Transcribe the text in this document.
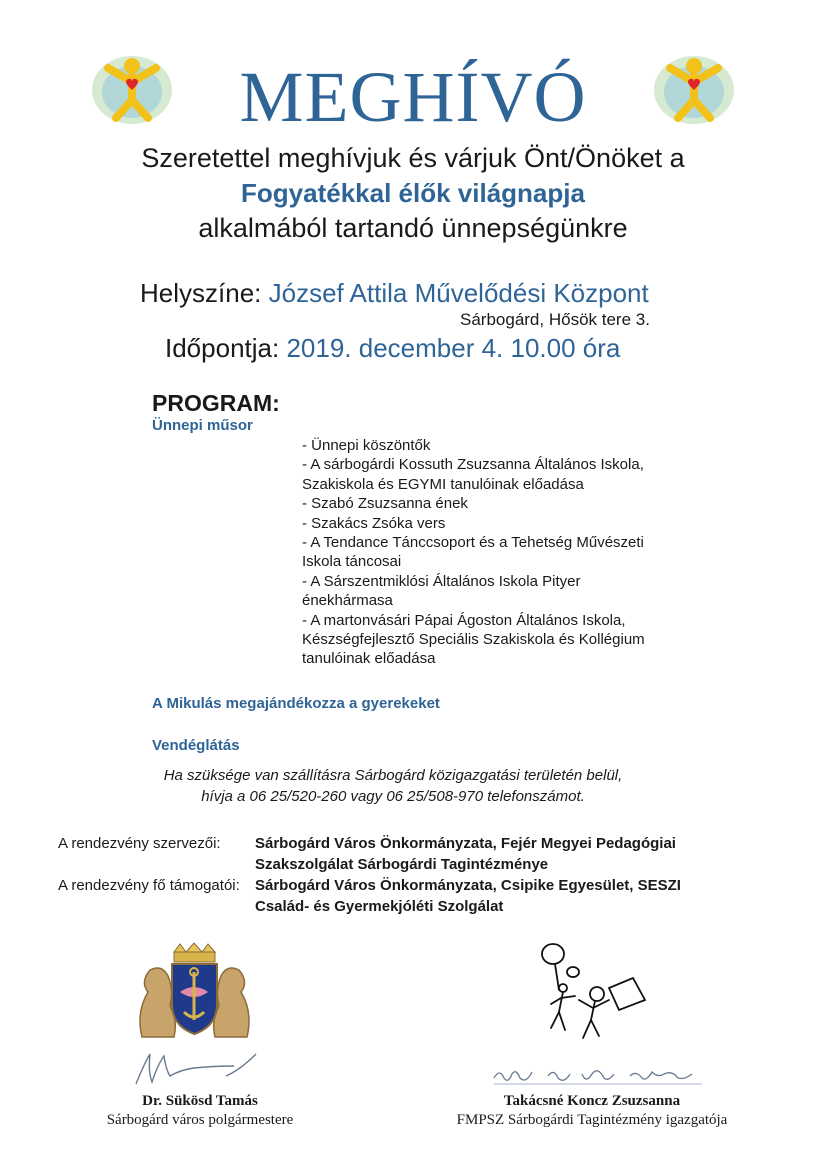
MEGHÍVÓ
Szeretettel meghívjuk és várjuk Önt/Önöket a
Fogyatékkal élők világnapja
alkalmából tartandó ünnepségünkre
Helyszíne: József Attila Művelődési Központ
Sárbogárd, Hősök tere 3.
Időpontja: 2019. december 4. 10.00 óra
PROGRAM:
Ünnepi műsor
- Ünnepi köszöntők
- A sárbogárdi Kossuth Zsuzsanna Általános Iskola,
Szakiskola és EGYMI tanulóinak előadása
- Szabó Zsuzsanna ének
- Szakács Zsóka vers
- A Tendance Tánccsoport és a Tehetség Művészeti
Iskola táncosai
- A Sárszentmiklósi Általános Iskola Pityer
énekhármasa
- A martonvásári Pápai Ágoston Általános Iskola,
Készségfejlesztő Speciális Szakiskola és Kollégium
tanulóinak előadása
A Mikulás megajándékozza a gyerekeket
Vendéglátás
Ha szüksége van szállításra Sárbogárd közigazgatási területén belül,
hívja a 06 25/520-260 vagy 06 25/508-970 telefonszámot.
A rendezvény szervezői: Sárbogárd Város Önkormányzata, Fejér Megyei Pedagógiai
Szakszolgálat Sárbogárdi Tagintézménye
A rendezvény fő támogatói: Sárbogárd Város Önkormányzata, Csipike Egyesület, SESZI
Család- és Gyermekjóléti Szolgálat
Dr. Sükösd Tamás
Sárbogárd város polgármestere
Takácsné Koncz Zsuzsanna
FMPSZ Sárbogárdi Tagintézmény igazgatója
